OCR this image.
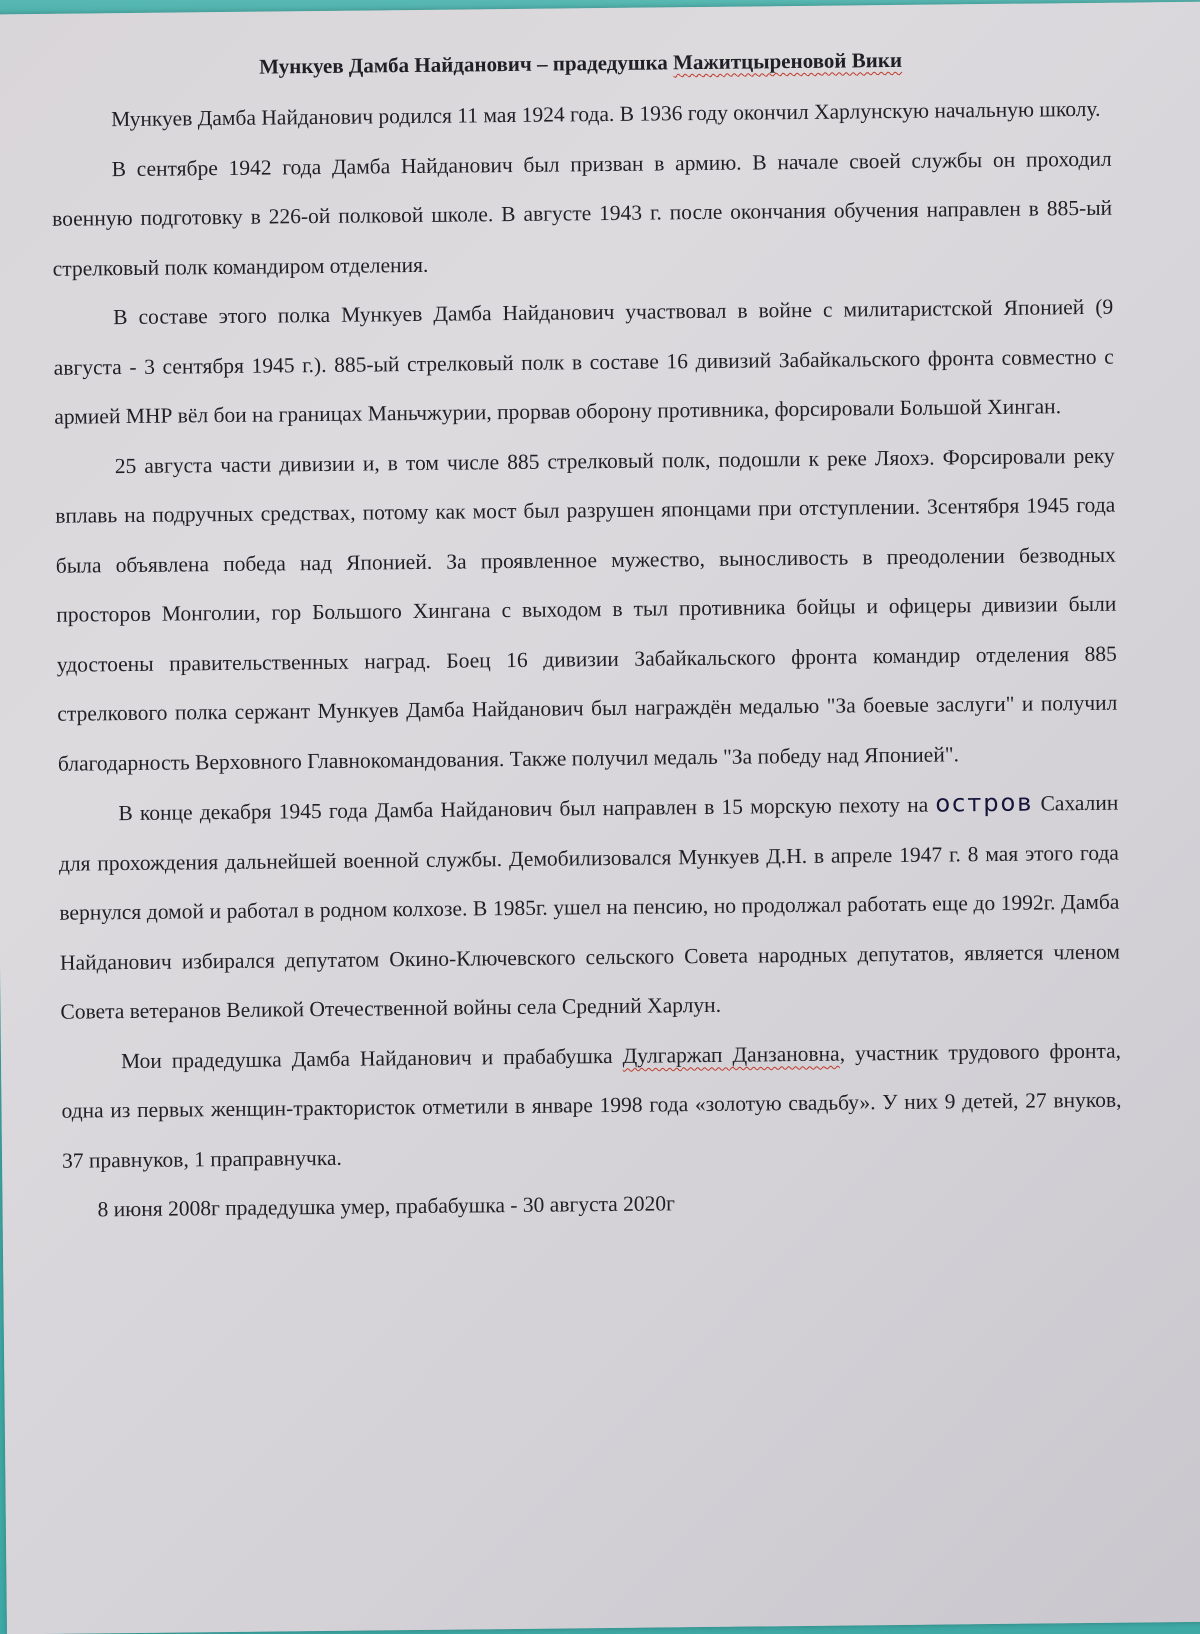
Мункуев Дамба Найданович – прадедушка Мажитцыреновой Вики

Мункуев Дамба Найданович родился 11 мая 1924 года. В 1936 году окончил Харлунскую начальную школу.

В сентябре 1942 года Дамба Найданович был призван в армию. В начале своей службы он проходил военную подготовку в 226-ой полковой школе. В августе 1943 г. после окончания обучения направлен в 885-ый стрелковый полк командиром отделения.

В составе этого полка Мункуев Дамба Найданович участвовал в войне с милитаристской Японией (9 августа - 3 сентября 1945 г.). 885-ый стрелковый полк в составе 16 дивизий Забайкальского фронта совместно с армией МНР вёл бои на границах Маньчжурии, прорвав оборону противника, форсировали Большой Хинган.

25 августа части дивизии и, в том числе 885 стрелковый полк, подошли к реке Ляохэ. Форсировали реку вплавь на подручных средствах, потому как мост был разрушен японцами при отступлении. 3сентября 1945 года была объявлена победа над Японией. За проявленное мужество, выносливость в преодолении безводных просторов Монголии, гор Большого Хингана с выходом в тыл противника бойцы и офицеры дивизии были удостоены правительственных наград. Боец 16 дивизии Забайкальского фронта командир отделения 885 стрелкового полка сержант Мункуев Дамба Найданович был награждён медалью "За боевые заслуги" и получил благодарность Верховного Главнокомандования. Также получил медаль "За победу над Японией".

В конце декабря 1945 года Дамба Найданович был направлен в 15 морскую пехоту на остров Сахалин для прохождения дальнейшей военной службы. Демобилизовался Мункуев Д.Н. в апреле 1947 г. 8 мая этого года вернулся домой и работал в родном колхозе. В 1985г. ушел на пенсию, но продолжал работать еще до 1992г. Дамба Найданович избирался депутатом Окино-Ключевского сельского Совета народных депутатов, является членом Совета ветеранов Великой Отечественной войны села Средний Харлун.

Мои прадедушка Дамба Найданович и прабабушка Дулгаржап Данзановна, участник трудового фронта, одна из первых женщин-трактористок отметили в январе 1998 года «золотую свадьбу». У них 9 детей, 27 внуков, 37 правнуков, 1 праправнучка.

8 июня 2008г прадедушка умер, прабабушка - 30 августа 2020г
